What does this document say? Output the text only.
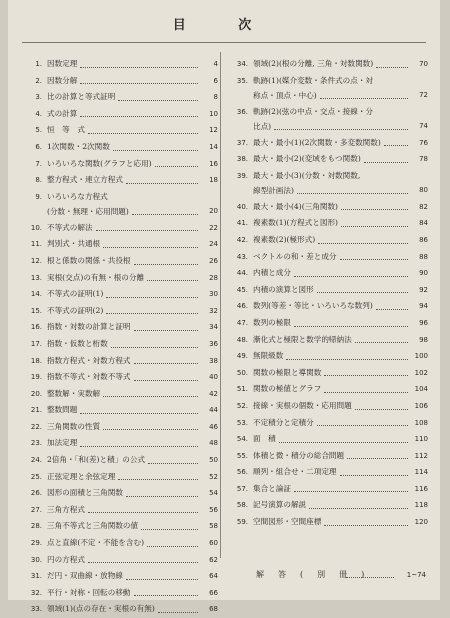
目 次
1. 因数定理	4
2. 因数分解	6
3. 比の計算と等式証明	8
4. 式の計算	10
5. 恒　等　式	12
6. 1次関数・2次関数	14
7. いろいろな関数(グラフと応用)	16
8. 整方程式・連立方程式	18
9. いろいろな方程式
(分数・無理・応用問題)	20
10. 不等式の解法	22
11. 判別式・共通根	24
12. 根と係数の関係・共役根	26
13. 実根(交点)の有無・根の分離	28
14. 不等式の証明(1)	30
15. 不等式の証明(2)	32
16. 指数・対数の計算と証明	34
17. 指数・仮数と桁数	36
18. 指数方程式・対数方程式	38
19. 指数不等式・対数不等式	40
20. 整数解・実数解	42
21. 整数問題	44
22. 三角関数の性質	46
23. 加法定理	48
24. 2倍角・「和(差)と積」の公式	50
25. 正弦定理と余弦定理	52
26. 図形の面積と三角関数	54
27. 三角方程式	56
28. 三角不等式と三角関数の値	58
29. 点と直線(不定・不能を含む)	60
30. 円の方程式	62
31. だ円・双曲線・放物線	64
32. 平行・対称・回転の移動	66
33. 領域(1)(点の存在・実根の有無)	68
34. 領域(2)(根の分離, 三角・対数関数)	70
35. 軌跡(1)(媒介変数・条件式の点・対
称点・頂点・中心)	72
36. 軌跡(2)(弦の中点・交点・接線・分
比点)	74
37. 最大・最小(1)(2次関数・多変数関数)	76
38. 最大・最小(2)(変域をもつ関数)	78
39. 最大・最小(3)(分数・対数関数,
線型計画法)	80
40. 最大・最小(4)(三角関数)	82
41. 複素数(1)(方程式と図形)	84
42. 複素数(2)(極形式)	86
43. ベクトルの和・差と成分	88
44. 内積と成分	90
45. 内積の演算と図形	92
46. 数列(等差・等比・いろいろな数列)	94
47. 数列の極限	96
48. 漸化式と極限と数学的帰納法	98
49. 無限級数	100
50. 関数の極限と導関数	102
51. 関数の極値とグラフ	104
52. 接線・実根の個数・応用問題	106
53. 不定積分と定積分	108
54. 面　積	110
55. 体積と微・積分の総合問題	112
56. 順列・組合せ・二項定理	114
57. 集合と論証	116
58. 記号演算の解説	118
59. 空間図形・空間座標	120
解答(別冊)	1~74
